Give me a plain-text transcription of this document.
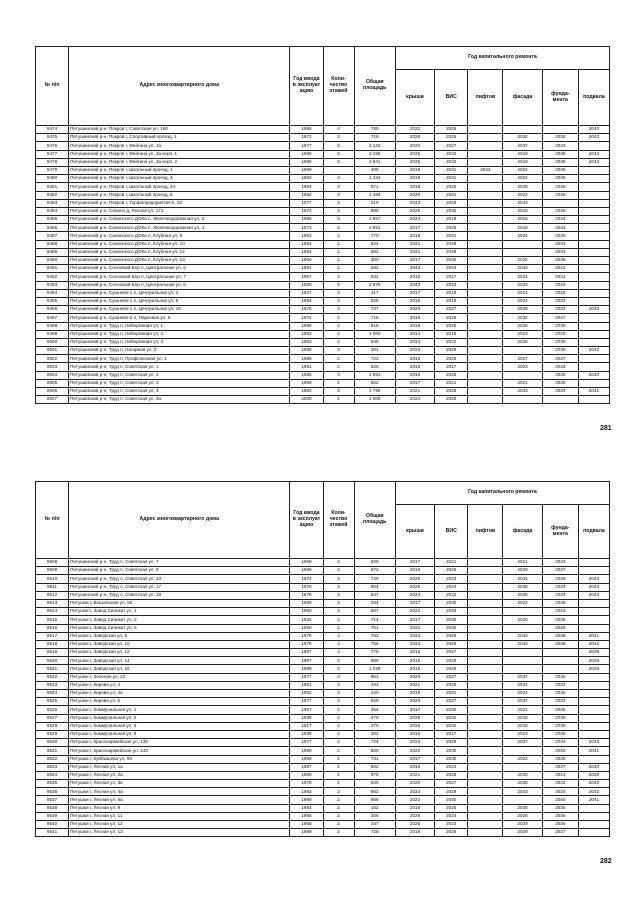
№ п/п	Адрес многоквартирного дома	Год ввода в эксплуат ацию	Коли-чество этажей	Общая площадь	Год капитального ремонта					
					крыши	ВИС	лифтов	фасада	фунда-мента	подвала
9474	Петушинский р-н, Покров г, Советская ул, 160	1995	4	785	2022	2026				2040
9475	Петушинский р-н, Покров г, Спортивный проезд, 1	1972	2	718	2028	2025		2032	2038	2043
9476	Петушинский р-н, Покров г, Фейгина ул, 1а	1977	5	3 122	2020	2027		2037	2033	
9477	Петушинский р-н, Покров г, Фейгина ул, 3а корп. 1	1980	5	3 198	2025	2032		2019	2038	2043
9478	Петушинский р-н, Покров г, Фейгина ул, 3а корп. 2	1980	5	3 641	2025	2032		2019	2038	2043
9479	Петушинский р-н, Покров г, Школьный проезд, 1	1990		400	2018	2031	2043	2024	2036	
9480	Петушинский р-н, Покров г, Школьный проезд, 4	1962	3	1 334	2018	2031		2024	2036	
9481	Петушинский р-н, Покров г, Школьный проезд, 4А	1984	3	971	2018	2025		2028	2036	
9482	Петушинский р-н, Покров г, Школьный проезд, 6	1962	3	1 493	2028	2031		2022	2036	
9483	Петушинский р-н, Покров г, Торфопредприятия п, 32	1977	2	210	2043	2043		2043		
9484	Петушинский р-н, Санино д, Лесная ул, 171	1973	2	886	2026	2032		2018	2036	
9485	Петушинский р-н, Санинского ДОКа п, Железнодорожная ул, 3	1986	4	1 857	2024	2018		2016	2033	
9486	Петушинский р-н, Санинского ДОКа п, Железнодорожная ул, 4	1973	5	2 851	2017	2025		2018	2033	
9487	Петушинский р-н, Санинского ДОКа п, Клубная ул, 5	1963	2	770	2018	2031		2024	2036	
9488	Петушинский р-н, Санинского ДОКа п, Клубная ул, 10	1984	2	824	2021	2028			2034	
9489	Петушинский р-н, Санинского ДОКа п, Клубная ул, 12	1984	2	882	2021	2028			2034	
9490	Петушинский р-н, Санинского ДОКа п, Клубная ул, 13	1960	2	300	2017	2030		2022	2036	
9491	Петушинский р-н, Сосновый Бор п, Центральная ул, 6	1961	2	292	2043	2043		2043	2043	
9492	Петушинский р-н, Сосновый Бор п, Центральная ул, 7	1957	2	532	2015	2017		2021	2031	
9493	Петушинский р-н, Сосновый Бор п, Центральная ул, 8	1980	5	2 876	2043	2043		2043	2043	
9494	Петушинский р-н, Сушнево-1 п, Центральная ул, 2	1947	2	417	2017	2019		2021	2028	
9495	Петушинский р-н, Сушнево-1 п, Центральная ул, 5	1964	2	525	2016	2018		2024	2033	
9496	Петушинский р-н, Сушнево-1 п, Центральная ул, 10	1976	2	737	2020	2027		2038	2033	2043
9497	Петушинский р-н, Сушнево-2 п, Парковая ул, 9	1972	2	718	2019	2026		2032	2037	
9498	Петушинский р-н, Труд п, Набережная ул, 1	1985	2	818	2018	2025		2025	2036	
9499	Петушинский р-н, Труд п, Набережная ул, 2	1962	2	1 060	2014	2016		2023	2033	
9500	Петушинский р-н, Труд п, Набережная ул, 4	1963	2	645	2024	2022		2025	2036	
9501	Петушинский р-н, Труд п, Нагорная ул, 2	1988	3	301	2023	2029			2036	2042
9502	Петушинский р-н, Труд п, Профсоюзная ул, 1	1986	2	723	2016	2026		2027	2037	
9503	Петушинский р-н, Труд п, Советская ул, 1	1961	2	826	2015	2017		2023	2033	
9504	Петушинский р-н, Труд п, Советская ул, 2	1985	4	1 691	2016	2025			2035	2040
9505	Петушинский р-н, Труд п, Советская ул, 3	1958	2	552	2017	2021		2021	2035	
9506	Петушинский р-н, Труд п, Советская ул, 4	1983	3	1 798	2021	2028		2043	2034	2041
9507	Петушинский р-н, Труд п, Советская ул, 4а	2009	2	1 005	2024	2029				
281
№ п/п	Адрес многоквартирного дома	Год ввода в эксплуат ацию	Коли-чество этажей	Общая площадь	Год капитального ремонта					
					крыши	ВИС	лифтов	фасада	фунда-мента	подвала
9508	Петушинский р-н, Труд п, Советская ул, 7	1958	2	829	2017	2021		2021	2033	
9509	Петушинский р-н, Труд п, Советская ул, 9	1969	2	872	2019	2026		2029	2037	
9510	Петушинский р-н, Труд п, Советская ул, 13	1974	2	740	2025	2023		2034	2038	2043
9511	Петушинский р-н, Труд п, Советская ул, 17	1978	2	854	2026	2024		2038	2034	2043
9512	Петушинский р-н, Труд п, Советская ул, 19	1976	2	847	2024	2022		2036	2034	2043
9513	Петушки г, Вокзальная ул, 56	1959	2	284	2017	2030		2022	2035	
9514	Петушки г, Завод Силикат ул, 1	1960	2	567	2022	2033			2043	
9515	Петушки г, Завод Силикат ул, 2	1932	2	714	2017	2030		2020	2035	
9516	Петушки г, Завод Силикат ул, 6	1950	2	701	2022	2030			2040	
9517	Петушки г, Заводская ул, 8	1976	4	783	2023	2029		2043	2038	2041
9518	Петушки г, Заводская ул, 10	1976	4	756	2023	2029		2043	2038	2042
9519	Петушки г, Заводская ул, 12	1987	4	778	2016	2027				2039
9520	Петушки г, Заводская ул, 14	1987	5	989	2016	2028				2039
9521	Петушки г, Заводская ул, 16	1989	5	1 028	2016	2029				2039
9522	Петушки г, Зеленая ул, 22	1977	3	851	2020	2027		2037	2036	
9523	Петушки г, Кирова ул, 4	1961	2	493	2021	2028		2041	2033	
9524	Петушки г, Кирова ул, 4а	1962	2	140	2018	2031		2024	2036	
9525	Петушки г, Кирова ул, 6	1977	2	826	2020	2027		2037	2033	
9526	Петушки г, Коммунальная ул, 1	1957	2	354	2017	2030		2021	2035	
9527	Петушки г, Коммунальная ул, 2	1939	2	470	2025	2032		2018	2036	
9528	Петушки г, Коммунальная ул, 5	1917	2	279	2026	2032		2018	2036	
9529	Петушки г, Коммунальная ул, 8	1939	2	302	2016	2017		2023	2035	
9530	Петушки г, Красноармейская ул, 139	1977	2	724	2023	2029		2037	2034	2043
9531	Петушки г, Красноармейская ул, 143	1990	2	869	2022	2030			2040	2041
9532	Петушки г, Куйбышева ул, 69	1958	2	731	2017	2030		2022	2035	
9533	Петушки г, Лесная ул, 1а	1987	2	862	2016	2024			2037	2040
9534	Петушки г, Лесная ул, 2а	1980	2	970	2021	2028		2040	2041	2039
9535	Петушки г, Лесная ул, 3в	1978	2	846	2020	2027		2038	2033	2043
9536	Петушки г, Лесная ул, 4а	1983	2	962	2023	2029		2043	2034	2042
9537	Петушки г, Лесная ул, 5а	1990	2	869	2022	2030			2040	2041
9538	Петушки г, Лесная ул, 9	1964	2	152	2018	2025		2026	2036	
9539	Петушки г, Лесная ул, 11	1966	2	306	2028	2024		2026	2036	
9540	Петушки г, Лесная ул, 12	1968	2	347	2025	2023		2029	2036	
9541	Петушки г, Лесная ул, 13	1989	2	726	2019	2025		2029	2037	
282
